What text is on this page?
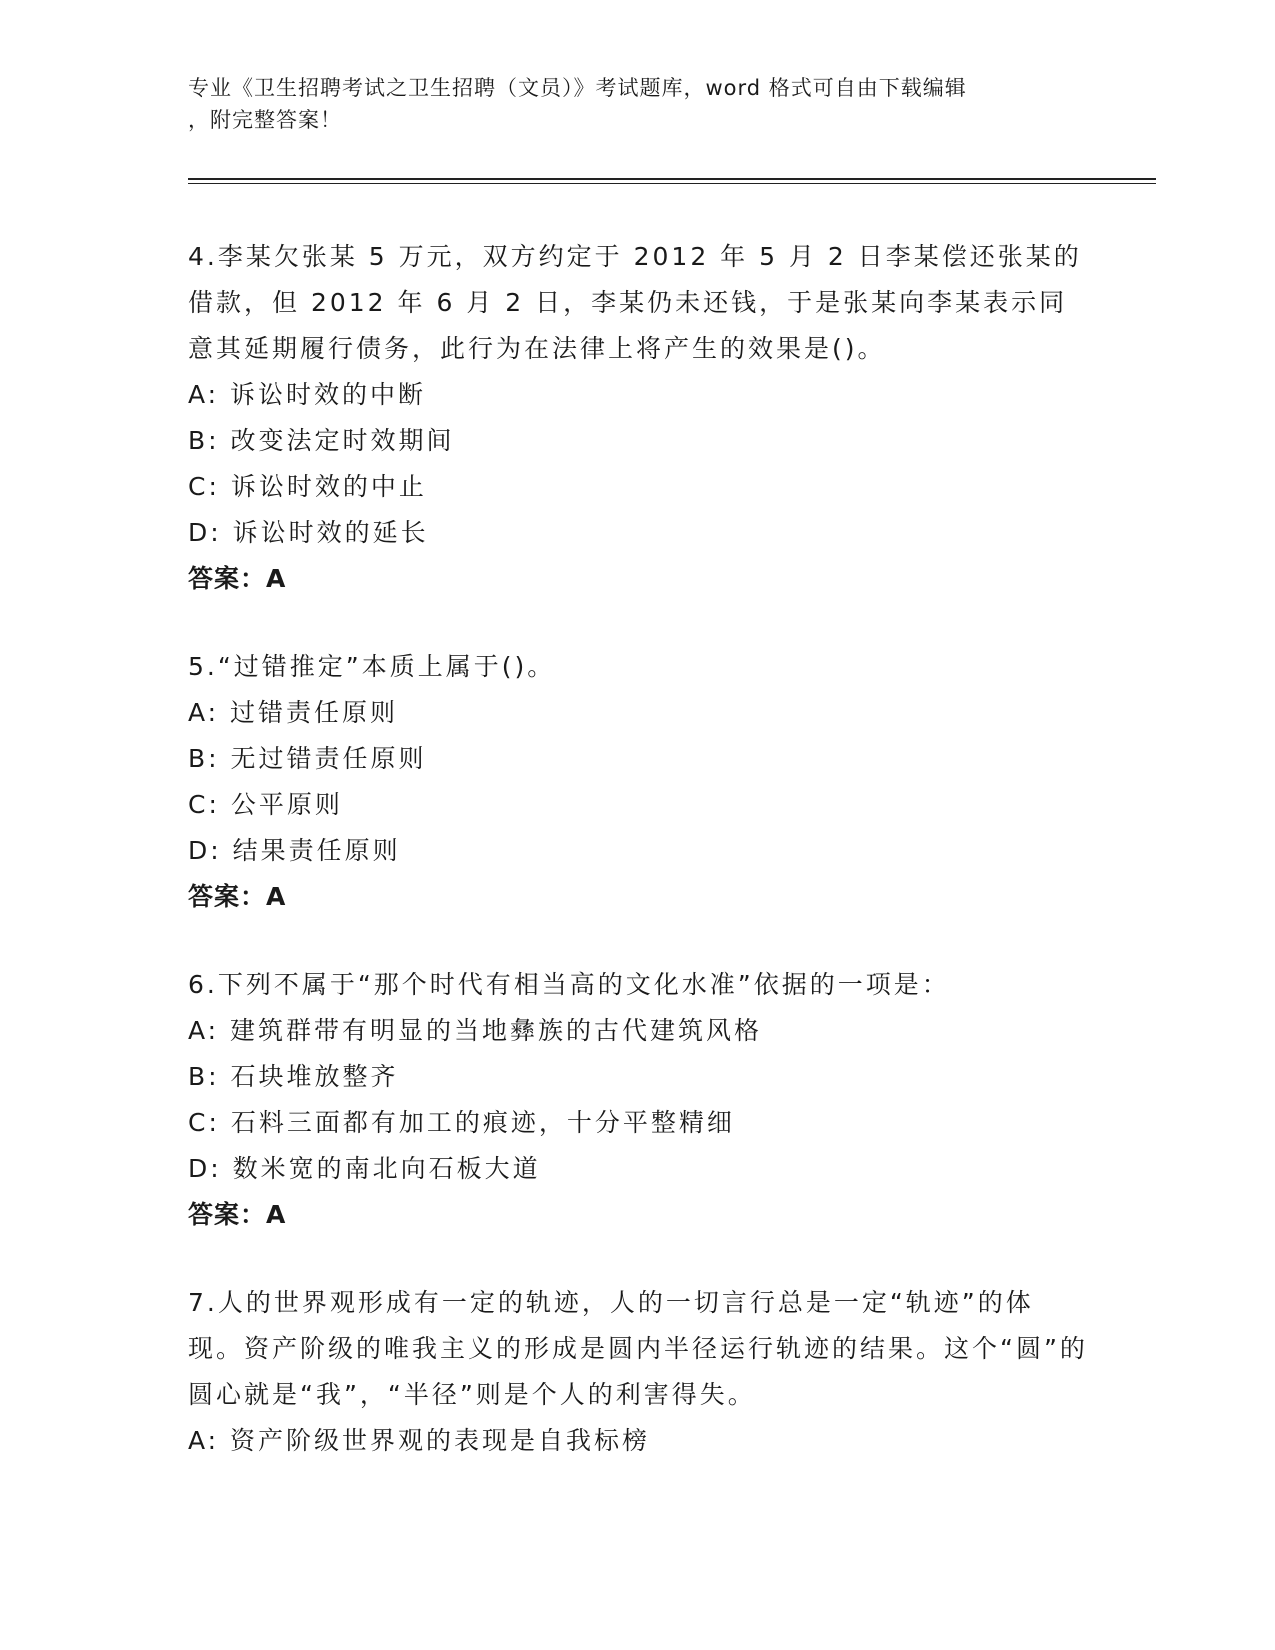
专业《卫生招聘考试之卫生招聘（文员）》考试题库，word 格式可自由下载编辑
，附完整答案！
4.李某欠张某 5 万元，双方约定于 2012 年 5 月 2 日李某偿还张某的借款，但 2012 年 6 月 2 日，李某仍未还钱，于是张某向李某表示同意其延期履行债务，此行为在法律上将产生的效果是()。
A: 诉讼时效的中断
B: 改变法定时效期间
C: 诉讼时效的中止
D: 诉讼时效的延长
答案：A
5.“过错推定”本质上属于()。
A: 过错责任原则
B: 无过错责任原则
C: 公平原则
D: 结果责任原则
答案：A
6.下列不属于“那个时代有相当高的文化水准”依据的一项是：
A: 建筑群带有明显的当地彝族的古代建筑风格
B: 石块堆放整齐
C: 石料三面都有加工的痕迹，十分平整精细
D: 数米宽的南北向石板大道
答案：A
7.人的世界观形成有一定的轨迹，人的一切言行总是一定“轨迹”的体现。资产阶级的唯我主义的形成是圆内半径运行轨迹的结果。这个“圆”的圆心就是“我”，“半径”则是个人的利害得失。
A: 资产阶级世界观的表现是自我标榜
